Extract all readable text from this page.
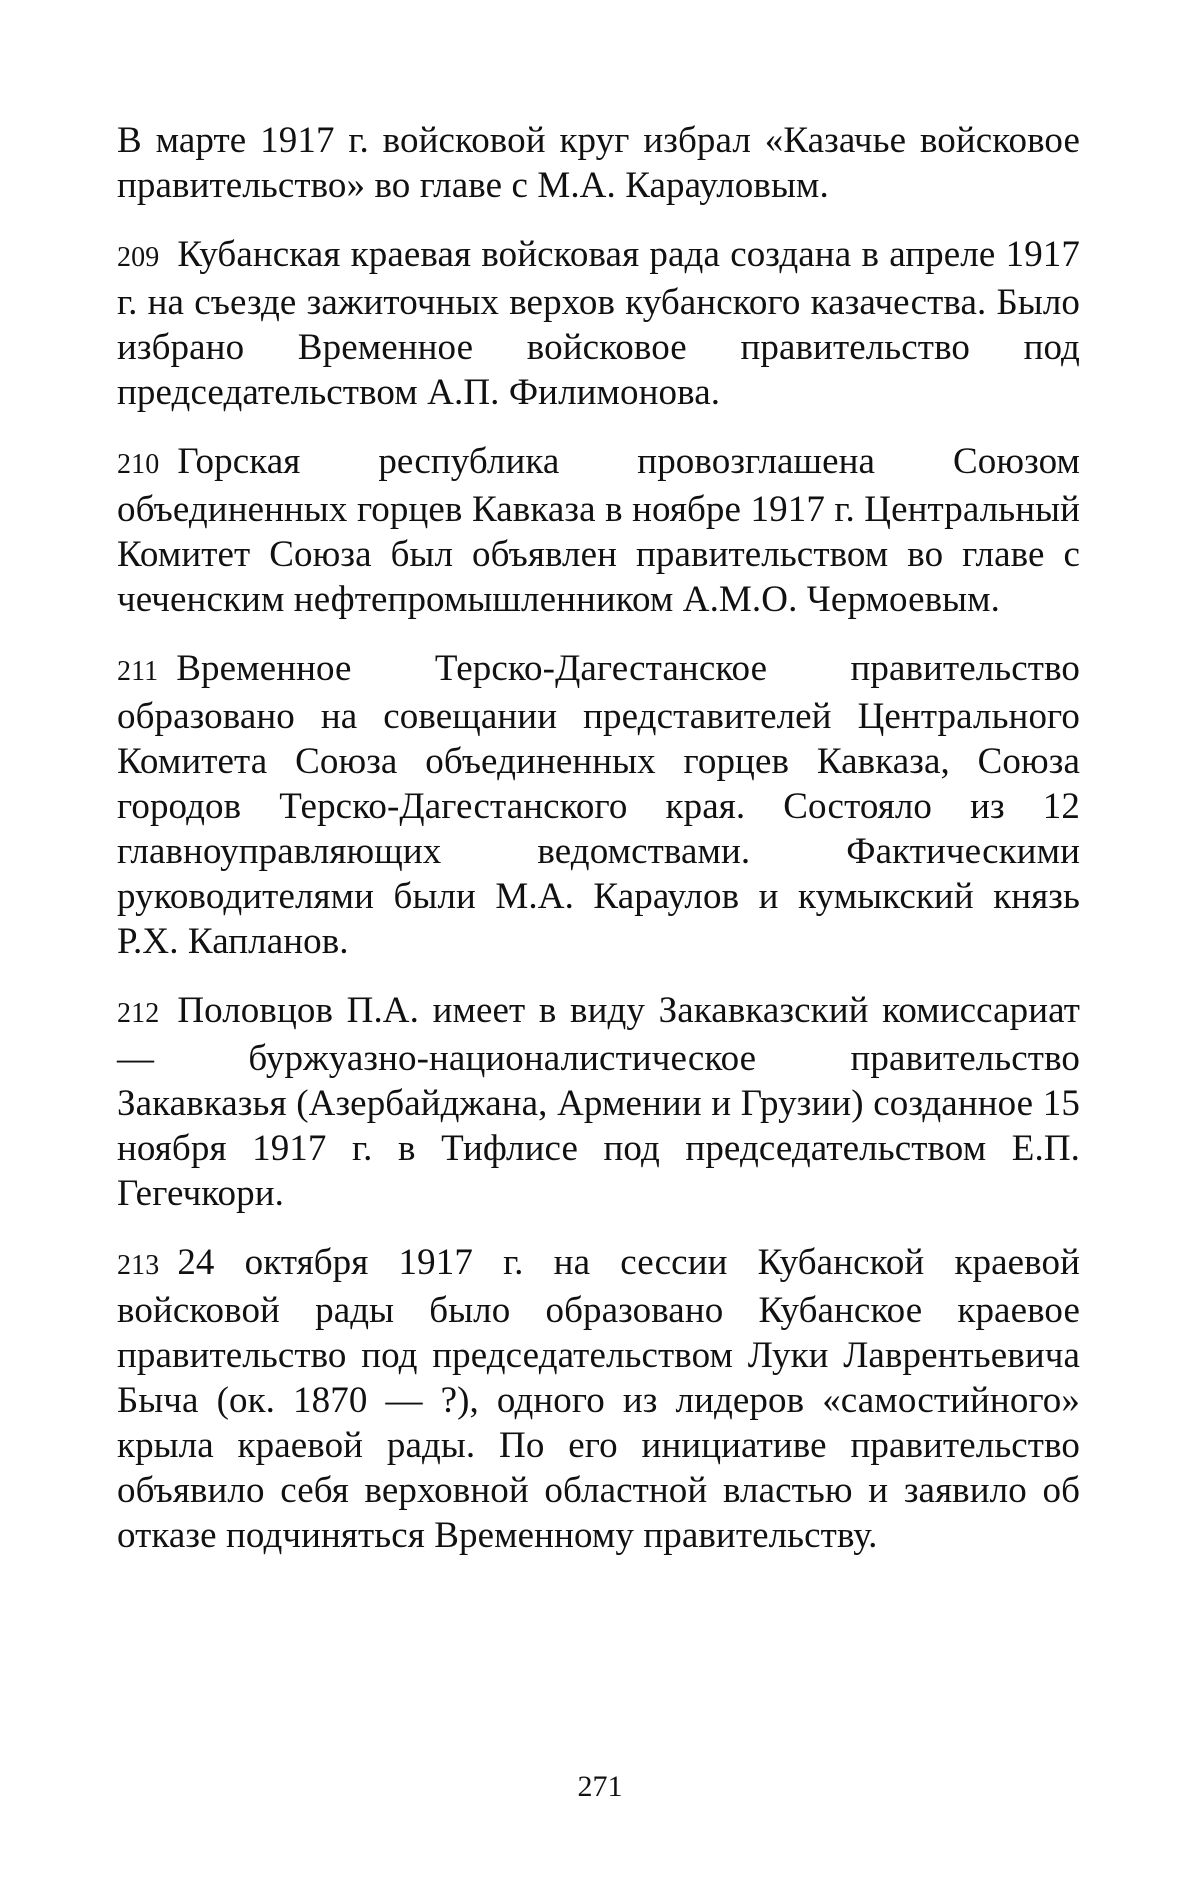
В марте 1917 г. войсковой круг избрал «Казачье войсковое правительство» во главе с М.А. Карауловым.

209 Кубанская краевая войсковая рада создана в апреле 1917 г. на съезде зажиточных верхов кубанского казачества. Было избрано Временное войсковое правительство под председательством А.П. Филимонова.

210 Горская республика провозглашена Союзом объединенных горцев Кавказа в ноябре 1917 г. Центральный Комитет Союза был объявлен правительством во главе с чеченским нефтепромышленником А.М.О. Чермоевым.

211 Временное Терско-Дагестанское правительство образовано на совещании представителей Центрального Комитета Союза объединенных горцев Кавказа, Союза городов Терско-Дагестанского края. Состояло из 12 главноуправляющих ведомствами. Фактическими руководителями были М.А. Караулов и кумыкский князь Р.Х. Капланов.

212 Половцов П.А. имеет в виду Закавказский комиссариат — буржуазно-националистическое правительство Закавказья (Азербайджана, Армении и Грузии) созданное 15 ноября 1917 г. в Тифлисе под председательством Е.П. Гегечкори.

213 24 октября 1917 г. на сессии Кубанской краевой войсковой рады было образовано Кубанское краевое правительство под председательством Луки Лаврентьевича Быча (ок. 1870 — ?), одного из лидеров «самостийного» крыла краевой рады. По его инициативе правительство объявило себя верховной областной властью и заявило об отказе подчиняться Временному правительству.

271
